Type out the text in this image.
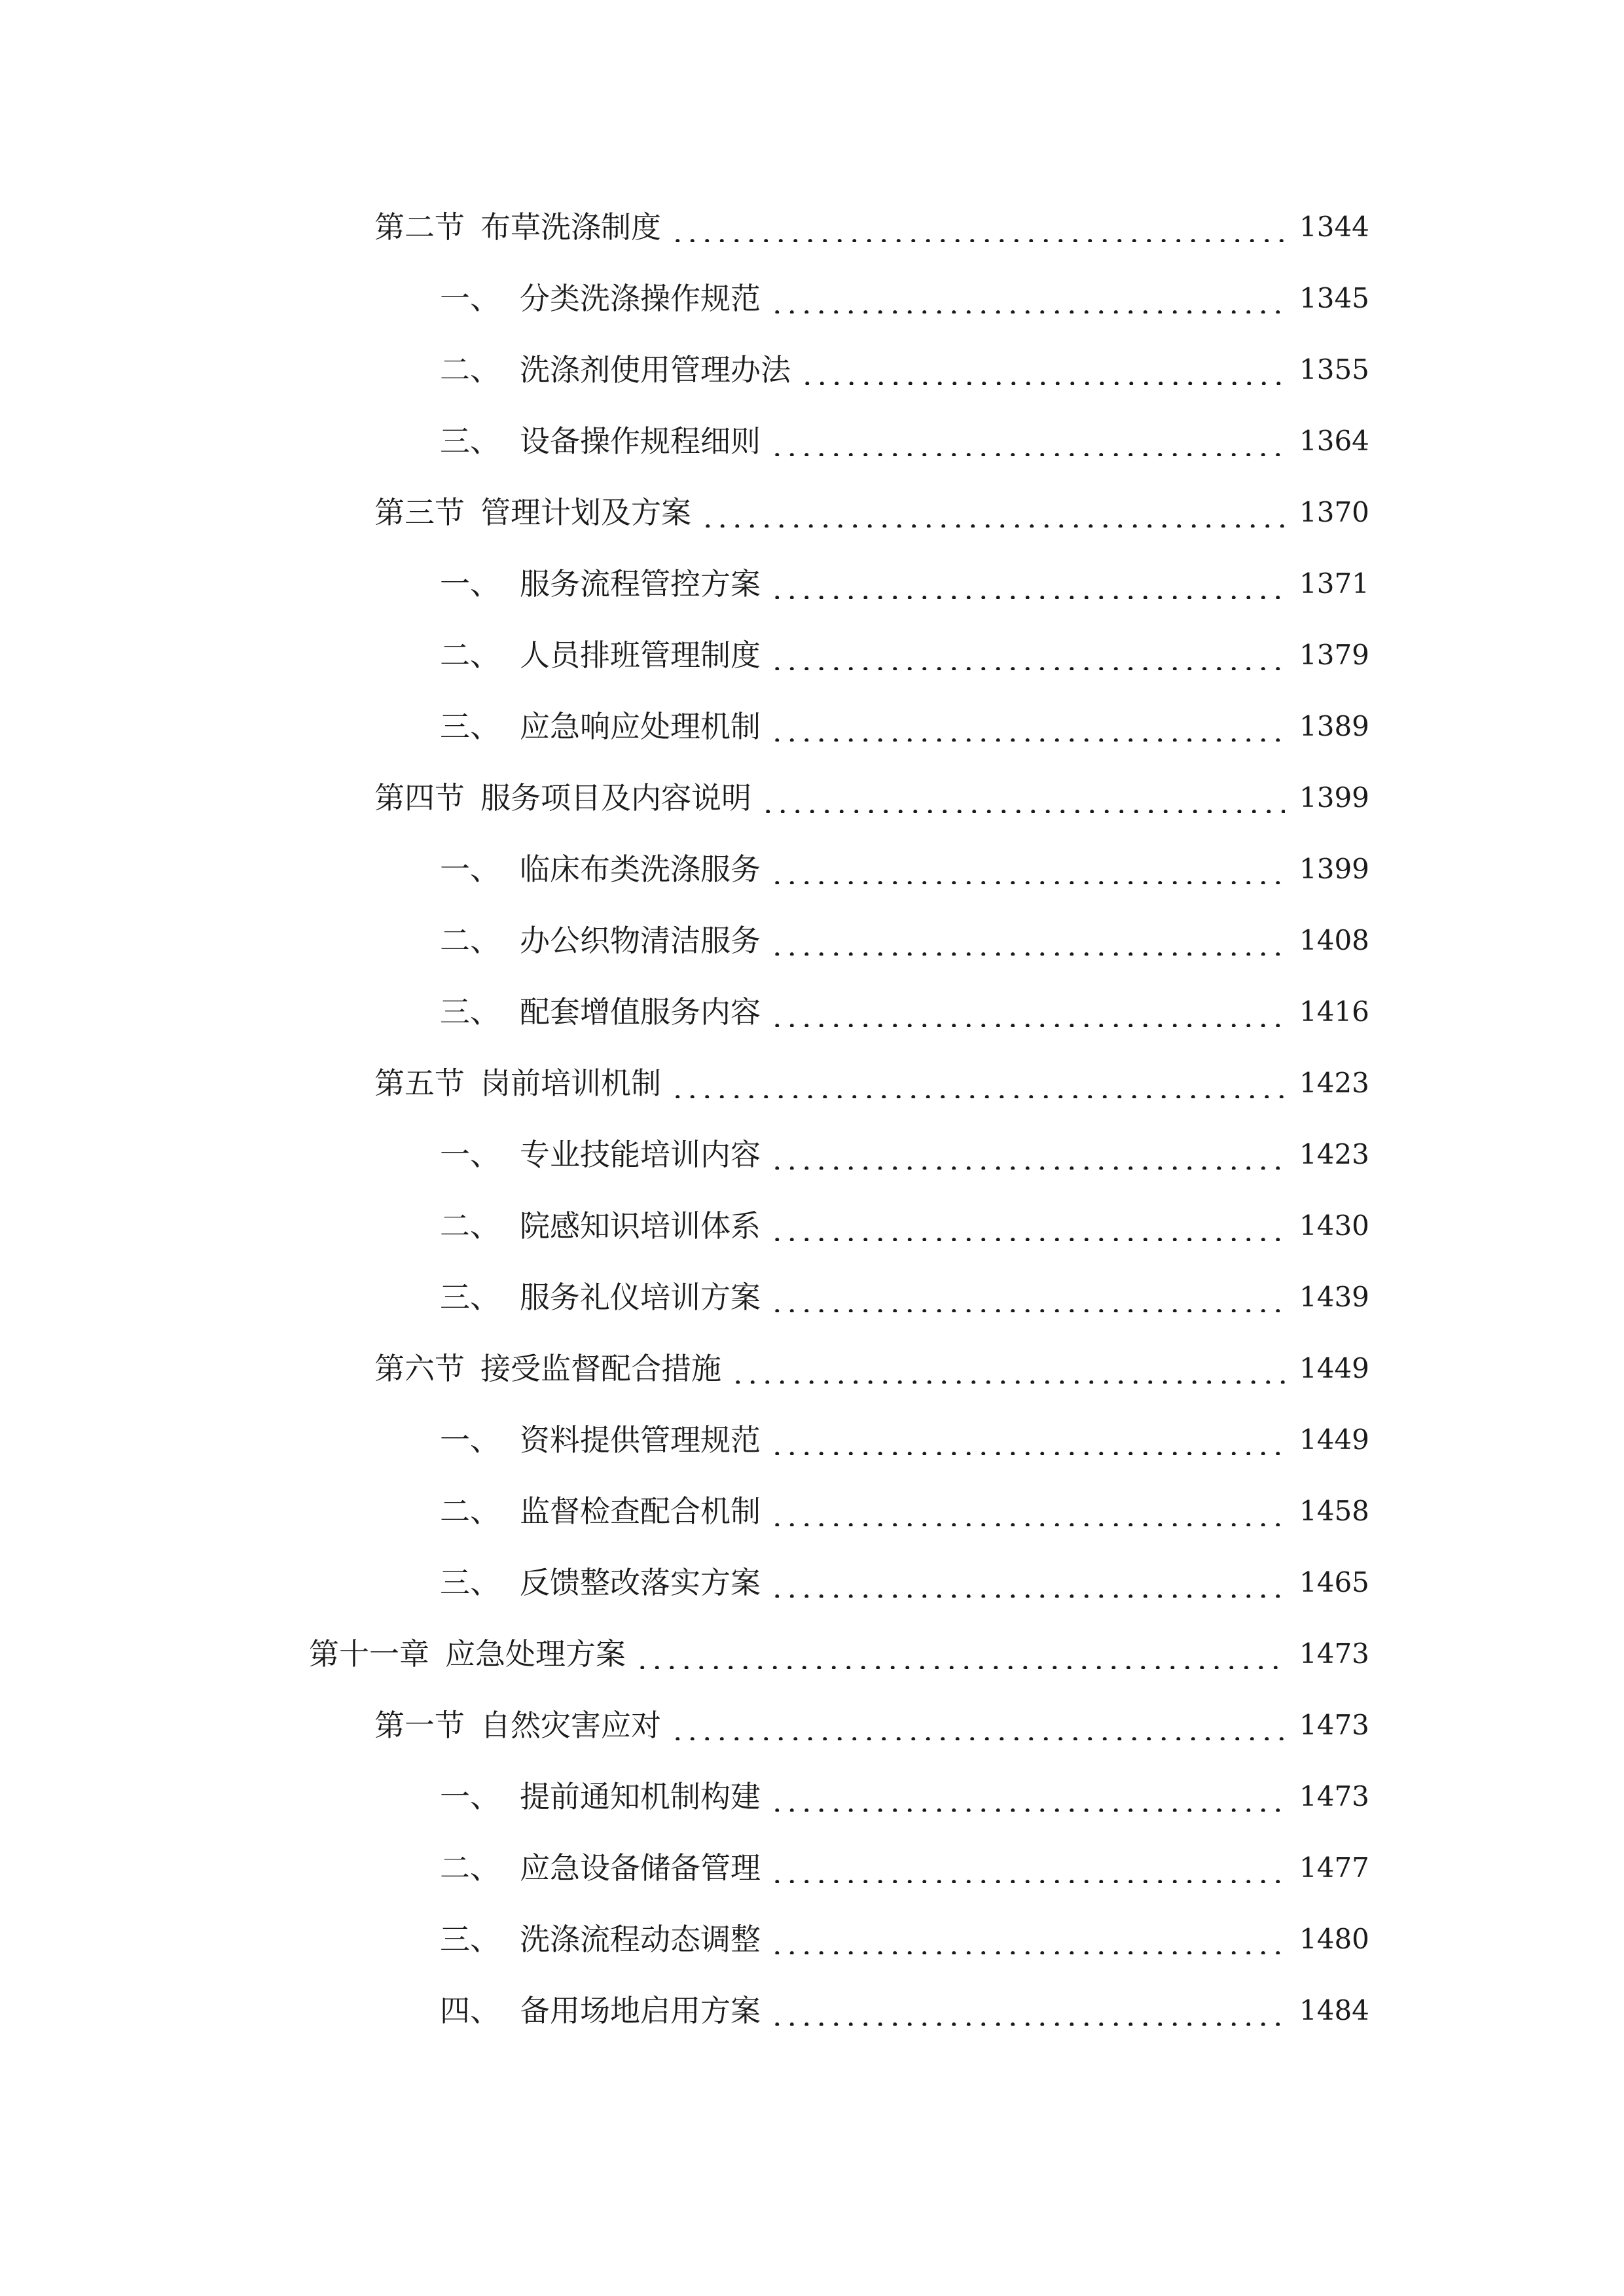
第二节 布草洗涤制度	1344
一、 分类洗涤操作规范	1345
二、 洗涤剂使用管理办法	1355
三、 设备操作规程细则	1364
第三节 管理计划及方案	1370
一、 服务流程管控方案	1371
二、 人员排班管理制度	1379
三、 应急响应处理机制	1389
第四节 服务项目及内容说明	1399
一、 临床布类洗涤服务	1399
二、 办公织物清洁服务	1408
三、 配套增值服务内容	1416
第五节 岗前培训机制	1423
一、 专业技能培训内容	1423
二、 院感知识培训体系	1430
三、 服务礼仪培训方案	1439
第六节 接受监督配合措施	1449
一、 资料提供管理规范	1449
二、 监督检查配合机制	1458
三、 反馈整改落实方案	1465
第十一章 应急处理方案	1473
第一节 自然灾害应对	1473
一、 提前通知机制构建	1473
二、 应急设备储备管理	1477
三、 洗涤流程动态调整	1480
四、 备用场地启用方案	1484
